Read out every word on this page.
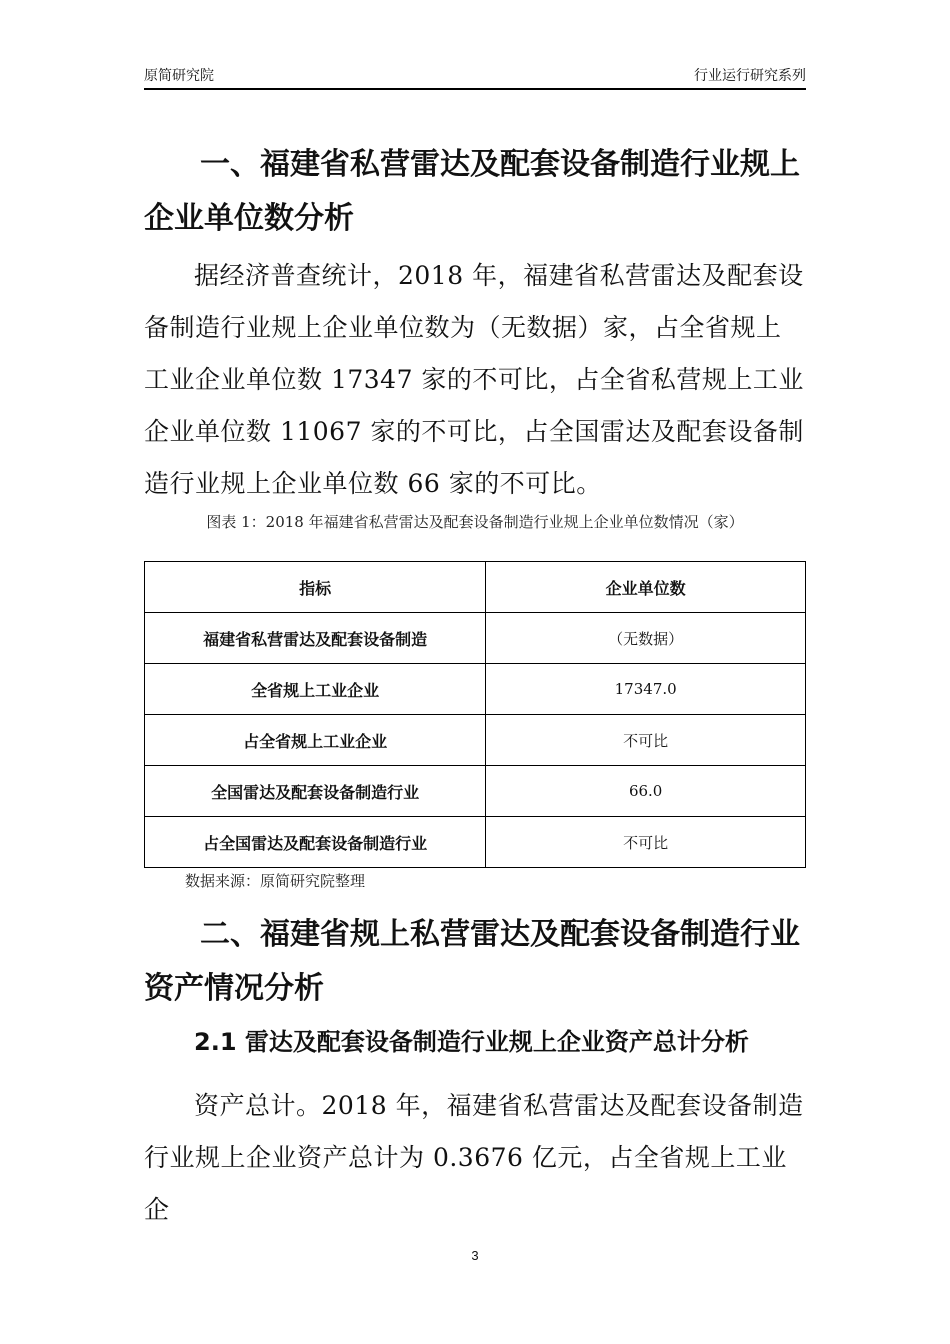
原简研究院	行业运行研究系列

一、福建省私营雷达及配套设备制造行业规上企业单位数分析

据经济普查统计，2018 年，福建省私营雷达及配套设备制造行业规上企业单位数为（无数据）家，占全省规上工业企业单位数 17347 家的不可比，占全省私营规上工业企业单位数 11067 家的不可比，占全国雷达及配套设备制造行业规上企业单位数 66 家的不可比。

图表 1：2018 年福建省私营雷达及配套设备制造行业规上企业单位数情况（家）
指标	企业单位数
福建省私营雷达及配套设备制造	（无数据）
全省规上工业企业	17347.0
占全省规上工业企业	不可比
全国雷达及配套设备制造行业	66.0
占全国雷达及配套设备制造行业	不可比
数据来源：原简研究院整理

二、福建省规上私营雷达及配套设备制造行业资产情况分析

2.1 雷达及配套设备制造行业规上企业资产总计分析

资产总计。2018 年，福建省私营雷达及配套设备制造行业规上企业资产总计为 0.3676 亿元，占全省规上工业企

3
